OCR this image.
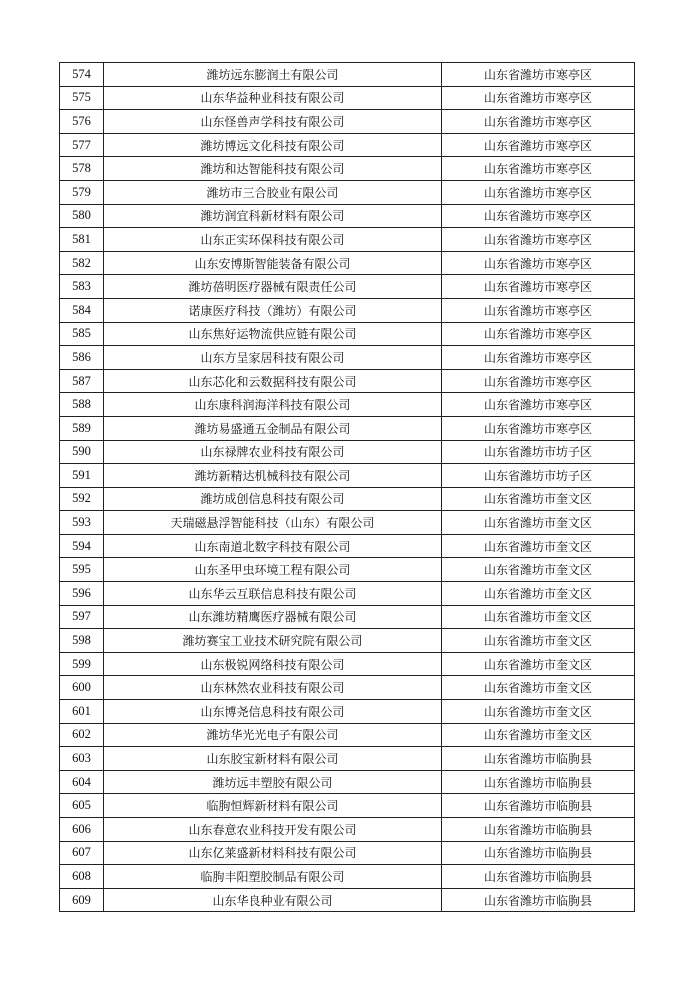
574	潍坊远东膨润土有限公司	山东省潍坊市寒亭区
575	山东华益种业科技有限公司	山东省潍坊市寒亭区
576	山东怪兽声学科技有限公司	山东省潍坊市寒亭区
577	潍坊博远文化科技有限公司	山东省潍坊市寒亭区
578	潍坊和达智能科技有限公司	山东省潍坊市寒亭区
579	潍坊市三合胶业有限公司	山东省潍坊市寒亭区
580	潍坊润宜科新材料有限公司	山东省潍坊市寒亭区
581	山东正实环保科技有限公司	山东省潍坊市寒亭区
582	山东安博斯智能装备有限公司	山东省潍坊市寒亭区
583	潍坊蓓明医疗器械有限责任公司	山东省潍坊市寒亭区
584	诺康医疗科技（潍坊）有限公司	山东省潍坊市寒亭区
585	山东焦好运物流供应链有限公司	山东省潍坊市寒亭区
586	山东方呈家居科技有限公司	山东省潍坊市寒亭区
587	山东芯化和云数据科技有限公司	山东省潍坊市寒亭区
588	山东康科润海洋科技有限公司	山东省潍坊市寒亭区
589	潍坊易盛通五金制品有限公司	山东省潍坊市寒亭区
590	山东禄牌农业科技有限公司	山东省潍坊市坊子区
591	潍坊新精达机械科技有限公司	山东省潍坊市坊子区
592	潍坊成创信息科技有限公司	山东省潍坊市奎文区
593	天瑞磁悬浮智能科技（山东）有限公司	山东省潍坊市奎文区
594	山东南道北数字科技有限公司	山东省潍坊市奎文区
595	山东圣甲虫环境工程有限公司	山东省潍坊市奎文区
596	山东华云互联信息科技有限公司	山东省潍坊市奎文区
597	山东潍坊精鹰医疗器械有限公司	山东省潍坊市奎文区
598	潍坊赛宝工业技术研究院有限公司	山东省潍坊市奎文区
599	山东极锐网络科技有限公司	山东省潍坊市奎文区
600	山东林然农业科技有限公司	山东省潍坊市奎文区
601	山东博尧信息科技有限公司	山东省潍坊市奎文区
602	潍坊华光光电子有限公司	山东省潍坊市奎文区
603	山东胶宝新材料有限公司	山东省潍坊市临朐县
604	潍坊远丰塑胶有限公司	山东省潍坊市临朐县
605	临朐恒辉新材料有限公司	山东省潍坊市临朐县
606	山东春意农业科技开发有限公司	山东省潍坊市临朐县
607	山东亿莱盛新材料科技有限公司	山东省潍坊市临朐县
608	临朐丰阳塑胶制品有限公司	山东省潍坊市临朐县
609	山东华良种业有限公司	山东省潍坊市临朐县
